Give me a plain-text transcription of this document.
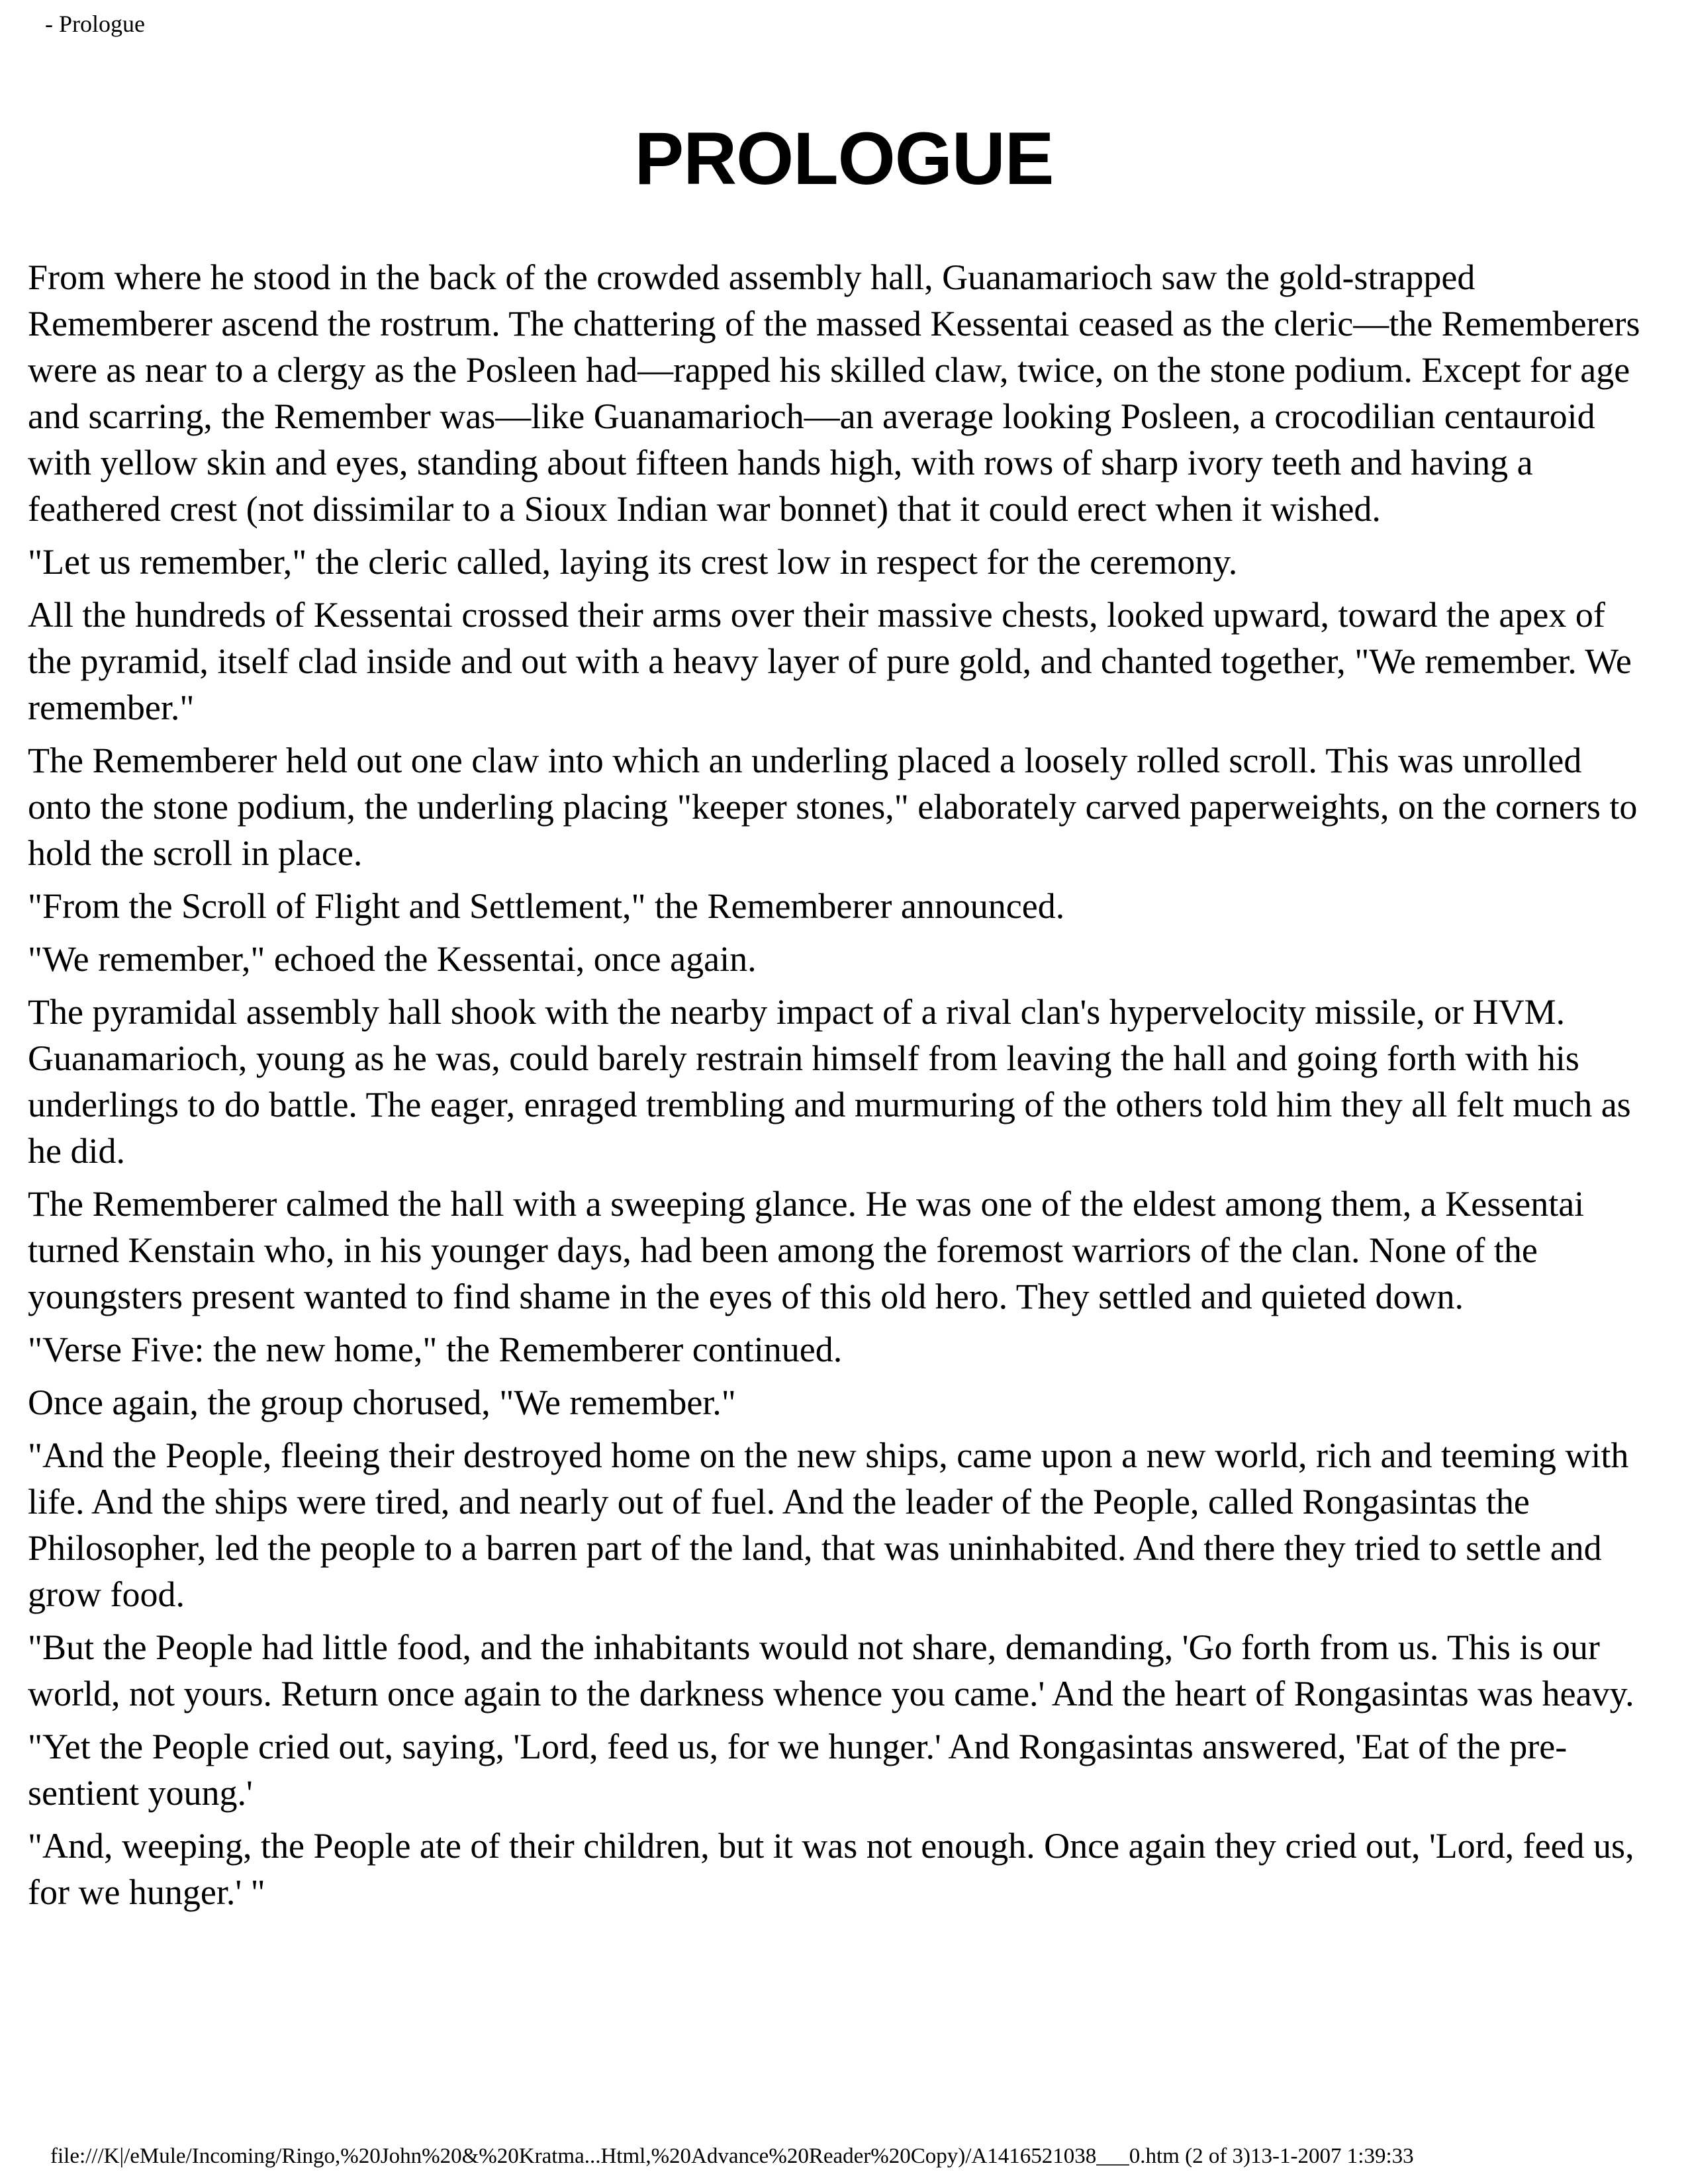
- Prologue
PROLOGUE

From where he stood in the back of the crowded assembly hall, Guanamarioch saw the gold-strapped Rememberer ascend the rostrum. The chattering of the massed Kessentai ceased as the cleric—the Rememberers were as near to a clergy as the Posleen had—rapped his skilled claw, twice, on the stone podium. Except for age and scarring, the Remember was—like Guanamarioch—an average looking Posleen, a crocodilian centauroid with yellow skin and eyes, standing about fifteen hands high, with rows of sharp ivory teeth and having a feathered crest (not dissimilar to a Sioux Indian war bonnet) that it could erect when it wished.

"Let us remember," the cleric called, laying its crest low in respect for the ceremony.

All the hundreds of Kessentai crossed their arms over their massive chests, looked upward, toward the apex of the pyramid, itself clad inside and out with a heavy layer of pure gold, and chanted together, "We remember. We remember."

The Rememberer held out one claw into which an underling placed a loosely rolled scroll. This was unrolled onto the stone podium, the underling placing "keeper stones," elaborately carved paperweights, on the corners to hold the scroll in place.

"From the Scroll of Flight and Settlement," the Rememberer announced.

"We remember," echoed the Kessentai, once again.

The pyramidal assembly hall shook with the nearby impact of a rival clan's hypervelocity missile, or HVM. Guanamarioch, young as he was, could barely restrain himself from leaving the hall and going forth with his underlings to do battle. The eager, enraged trembling and murmuring of the others told him they all felt much as he did.

The Rememberer calmed the hall with a sweeping glance. He was one of the eldest among them, a Kessentai turned Kenstain who, in his younger days, had been among the foremost warriors of the clan. None of the youngsters present wanted to find shame in the eyes of this old hero. They settled and quieted down.

"Verse Five: the new home," the Rememberer continued.

Once again, the group chorused, "We remember."

"And the People, fleeing their destroyed home on the new ships, came upon a new world, rich and teeming with life. And the ships were tired, and nearly out of fuel. And the leader of the People, called Rongasintas the Philosopher, led the people to a barren part of the land, that was uninhabited. And there they tried to settle and grow food.

"But the People had little food, and the inhabitants would not share, demanding, 'Go forth from us. This is our world, not yours. Return once again to the darkness whence you came.' And the heart of Rongasintas was heavy.

"Yet the People cried out, saying, 'Lord, feed us, for we hunger.' And Rongasintas answered, 'Eat of the pre-sentient young.'

"And, weeping, the People ate of their children, but it was not enough. Once again they cried out, 'Lord, feed us, for we hunger.' "

file:///K|/eMule/Incoming/Ringo,%20John%20&%20Kratma...Html,%20Advance%20Reader%20Copy)/A1416521038___0.htm (2 of 3)13-1-2007 1:39:33
